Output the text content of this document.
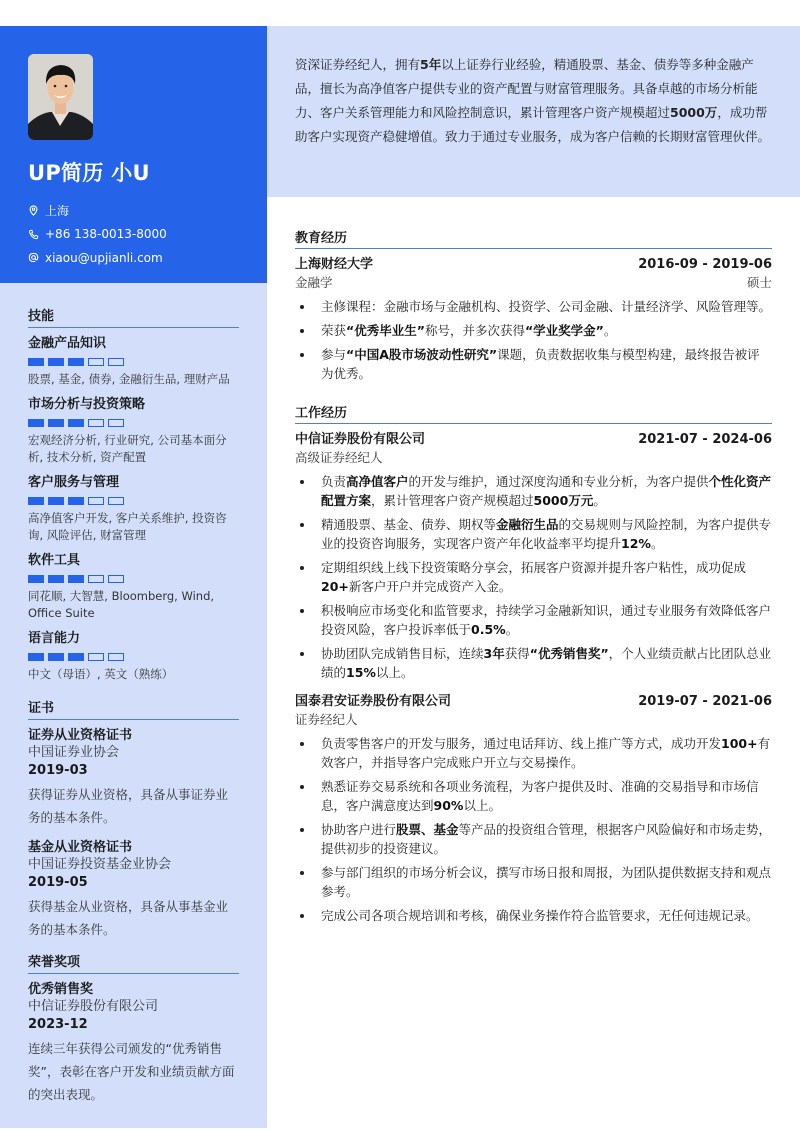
UP简历 小U
上海
+86 138-0013-8000
xiaou@upjianli.com
技能
金融产品知识
股票, 基金, 债券, 金融衍生品, 理财产品
市场分析与投资策略
宏观经济分析, 行业研究, 公司基本面分析, 技术分析, 资产配置
客户服务与管理
高净值客户开发, 客户关系维护, 投资咨询, 风险评估, 财富管理
软件工具
同花顺, 大智慧, Bloomberg, Wind, Office Suite
语言能力
中文（母语）, 英文（熟练）
证书
证券从业资格证书
中国证券业协会
2019-03
获得证券从业资格，具备从事证券业务的基本条件。
基金从业资格证书
中国证券投资基金业协会
2019-05
获得基金从业资格，具备从事基金业务的基本条件。
荣誉奖项
优秀销售奖
中信证券股份有限公司
2023-12
连续三年获得公司颁发的“优秀销售奖”，表彰在客户开发和业绩贡献方面的突出表现。

资深证券经纪人，拥有5年以上证券行业经验，精通股票、基金、债券等多种金融产品，擅长为高净值客户提供专业的资产配置与财富管理服务。具备卓越的市场分析能力、客户关系管理能力和风险控制意识，累计管理客户资产规模超过5000万，成功帮助客户实现资产稳健增值。致力于通过专业服务，成为客户信赖的长期财富管理伙伴。

教育经历
上海财经大学	2016-09 - 2019-06
金融学	硕士
主修课程：金融市场与金融机构、投资学、公司金融、计量经济学、风险管理等。
荣获“优秀毕业生”称号，并多次获得“学业奖学金”。
参与“中国A股市场波动性研究”课题，负责数据收集与模型构建，最终报告被评为优秀。
工作经历
中信证券股份有限公司	2021-07 - 2024-06
高级证券经纪人
负责高净值客户的开发与维护，通过深度沟通和专业分析，为客户提供个性化资产配置方案，累计管理客户资产规模超过5000万元。
精通股票、基金、债券、期权等金融衍生品的交易规则与风险控制，为客户提供专业的投资咨询服务，实现客户资产年化收益率平均提升12%。
定期组织线上线下投资策略分享会，拓展客户资源并提升客户粘性，成功促成20+新客户开户并完成资产入金。
积极响应市场变化和监管要求，持续学习金融新知识，通过专业服务有效降低客户投资风险，客户投诉率低于0.5%。
协助团队完成销售目标，连续3年获得“优秀销售奖”，个人业绩贡献占比团队总业绩的15%以上。
国泰君安证券股份有限公司	2019-07 - 2021-06
证券经纪人
负责零售客户的开发与服务，通过电话拜访、线上推广等方式，成功开发100+有效客户，并指导客户完成账户开立与交易操作。
熟悉证券交易系统和各项业务流程，为客户提供及时、准确的交易指导和市场信息，客户满意度达到90%以上。
协助客户进行股票、基金等产品的投资组合管理，根据客户风险偏好和市场走势，提供初步的投资建议。
参与部门组织的市场分析会议，撰写市场日报和周报，为团队提供数据支持和观点参考。
完成公司各项合规培训和考核，确保业务操作符合监管要求，无任何违规记录。
